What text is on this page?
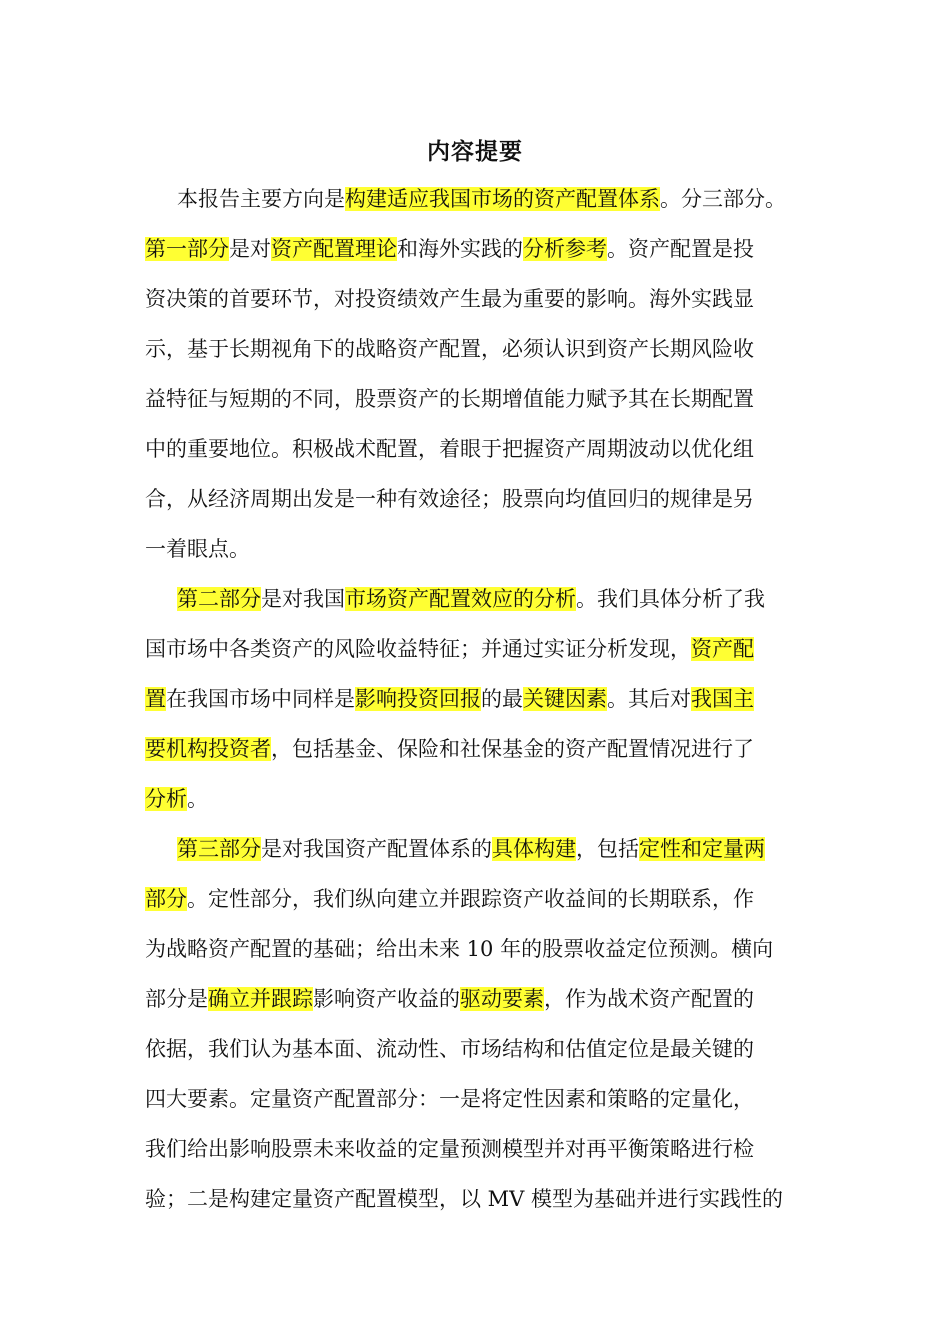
内容提要
本报告主要方向是构建适应我国市场的资产配置体系。分三部分。
第一部分是对资产配置理论和海外实践的分析参考。资产配置是投
资决策的首要环节，对投资绩效产生最为重要的影响。海外实践显
示，基于长期视角下的战略资产配置，必须认识到资产长期风险收
益特征与短期的不同，股票资产的长期增值能力赋予其在长期配置
中的重要地位。积极战术配置，着眼于把握资产周期波动以优化组
合，从经济周期出发是一种有效途径；股票向均值回归的规律是另
一着眼点。
第二部分是对我国市场资产配置效应的分析。我们具体分析了我
国市场中各类资产的风险收益特征；并通过实证分析发现，资产配
置在我国市场中同样是影响投资回报的最关键因素。其后对我国主
要机构投资者，包括基金、保险和社保基金的资产配置情况进行了
分析。
第三部分是对我国资产配置体系的具体构建，包括定性和定量两
部分。定性部分，我们纵向建立并跟踪资产收益间的长期联系，作
为战略资产配置的基础；给出未来 10 年的股票收益定位预测。横向
部分是确立并跟踪影响资产收益的驱动要素，作为战术资产配置的
依据，我们认为基本面、流动性、市场结构和估值定位是最关键的
四大要素。定量资产配置部分：一是将定性因素和策略的定量化，
我们给出影响股票未来收益的定量预测模型并对再平衡策略进行检
验；二是构建定量资产配置模型，以 MV 模型为基础并进行实践性的
